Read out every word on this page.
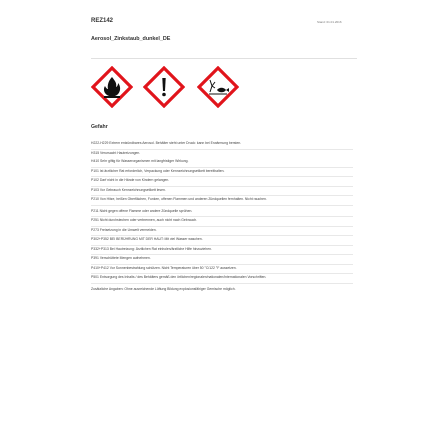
REZ142	Stand: 01.01.2016
Aerosol_Zinkstaub_dunkel_DE
Gefahr
H222-H229 Extrem entzündbares Aerosol. Behälter steht unter Druck: kann bei Erwärmung bersten.
H315 Verursacht Hautreizungen.
H410 Sehr giftig für Wasserorganismen mit langfristiger Wirkung.
P101 Ist ärztlicher Rat erforderlich, Verpackung oder Kennzeichnungsetikett bereithalten.
P102 Darf nicht in die Hände von Kindern gelangen.
P103 Vor Gebrauch Kennzeichnungsetikett lesen.
P210 Von Hitze, heißen Oberflächen, Funken, offenen Flammen und anderen Zündquellen fernhalten. Nicht rauchen.
P211 Nicht gegen offene Flamme oder andere Zündquelle sprühen.
P251 Nicht durchstechen oder verbrennen, auch nicht nach Gebrauch.
P273 Freisetzung in die Umwelt vermeiden.
P302+P352 BEI BERÜHRUNG MIT DER HAUT: Mit viel Wasser waschen.
P332+P313 Bei Hautreizung: Ärztlichen Rat einholen/ärztliche Hilfe hinzuziehen.
P391 Verschüttete Mengen aufnehmen.
P410+P412 Vor Sonnenbestrahlung schützen. Nicht Temperaturen über 50 °C/122 °F aussetzen.
P501 Entsorgung des Inhalts / des Behälters gemäß den örtlichen/regionalen/nationalen/internationalen Vorschriften.
Zusätzliche Angaben: Ohne ausreichende Lüftung Bildung explosionsfähiger Gemische möglich.
